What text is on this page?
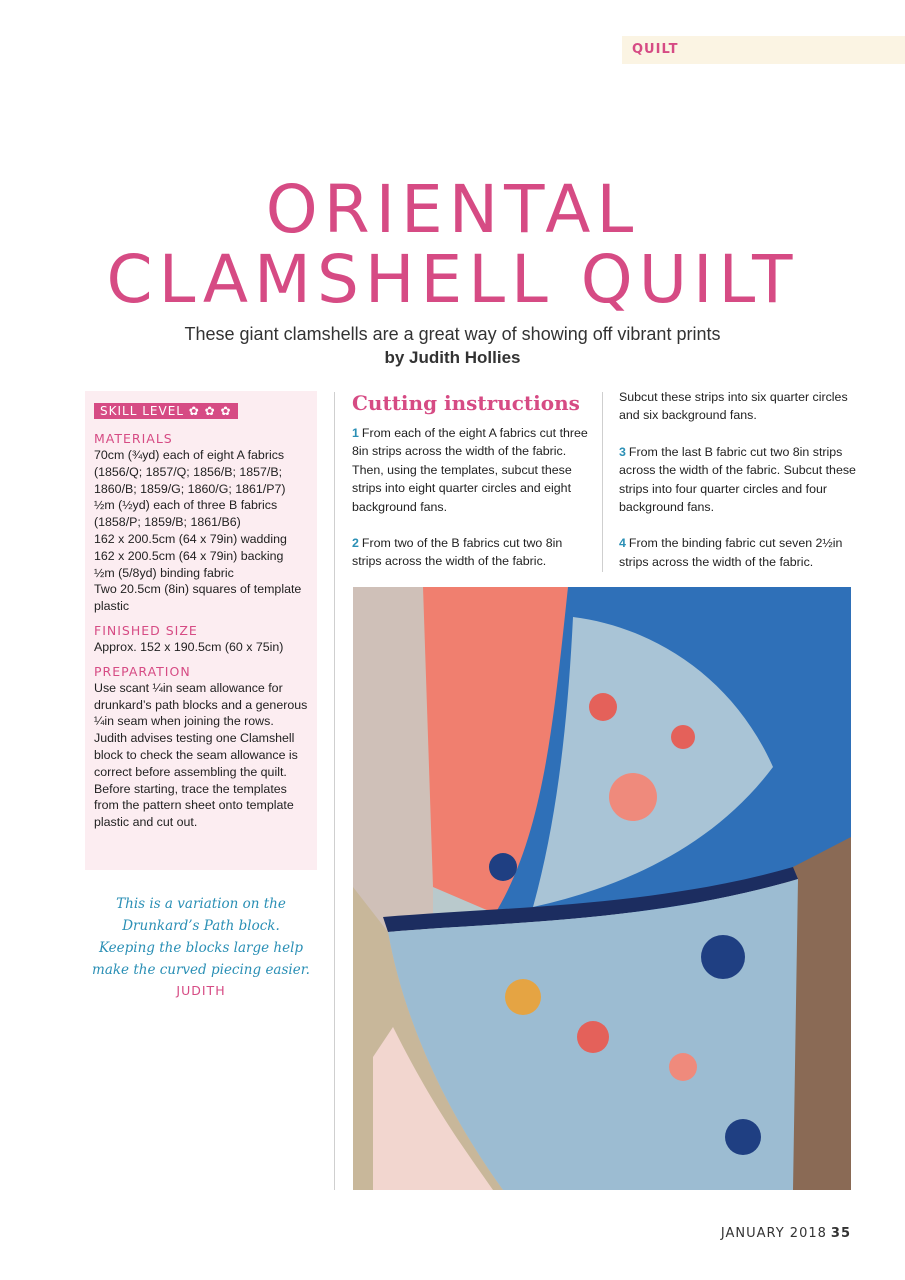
QUILT
ORIENTAL
CLAMSHELL QUILT
These giant clamshells are a great way of showing off vibrant prints
by Judith Hollies
SKILL LEVEL ✿ ✿ ✿

MATERIALS

70cm (¾yd) each of eight A fabrics (1856/Q; 1857/Q; 1856/B; 1857/B; 1860/B; 1859/G; 1860/G; 1861/P7)
½m (½yd) each of three B fabrics (1858/P; 1859/B; 1861/B6)
162 x 200.5cm (64 x 79in) wadding
162 x 200.5cm (64 x 79in) backing
½m (5/8yd) binding fabric
Two 20.5cm (8in) squares of template plastic

FINISHED SIZE

Approx. 152 x 190.5cm (60 x 75in)

PREPARATION

Use scant ¼in seam allowance for drunkard’s path blocks and a generous ¼in seam when joining the rows. Judith advises testing one Clamshell block to check the seam allowance is correct before assembling the quilt. Before starting, trace the templates from the pattern sheet onto template plastic and cut out.

This is a variation on the
Drunkard’s Path block.
Keeping the blocks large help
make the curved piecing easier.
JUDITH
Cutting instructions

1 From each of the eight A fabrics cut three 8in strips across the width of the fabric. Then, using the templates, subcut these strips into eight quarter circles and eight background fans.

2 From two of the B fabrics cut two 8in strips across the width of the fabric.

Subcut these strips into six quarter circles and six background fans.

3 From the last B fabric cut two 8in strips across the width of the fabric. Subcut these strips into four quarter circles and four background fans.

4 From the binding fabric cut seven 2½in strips across the width of the fabric.

JANUARY 2018 35
